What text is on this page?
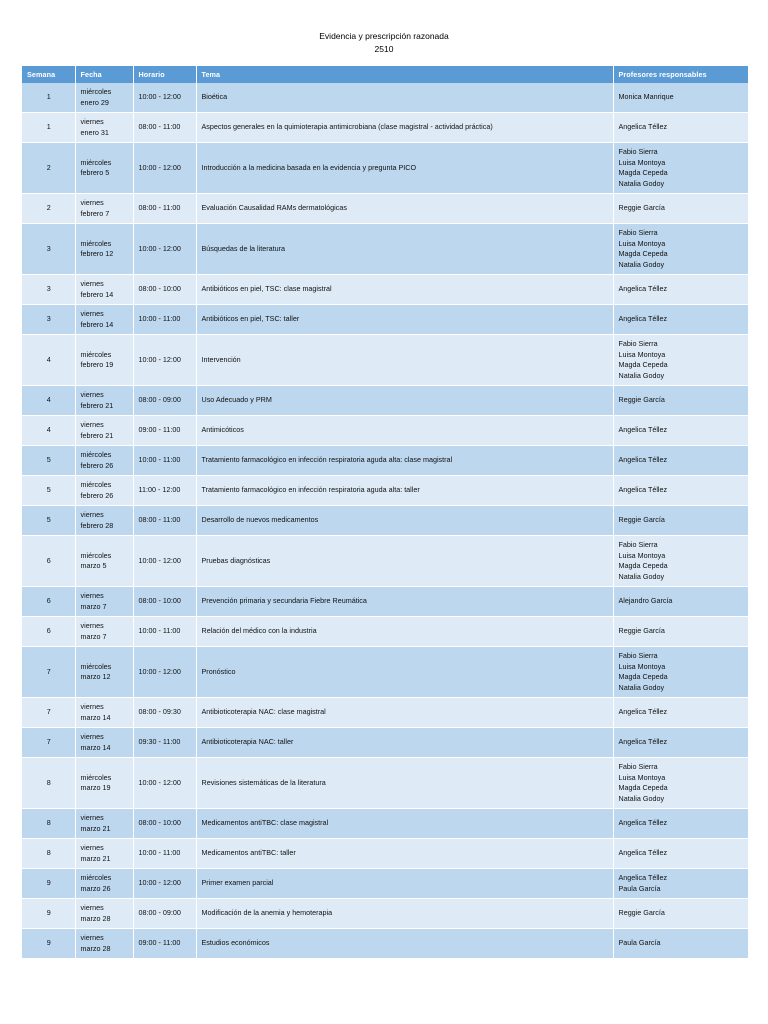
Evidencia y prescripción razonada
2510
Semana	Fecha	Horario	Tema	Profesores responsables
1	miércoles
enero 29	10:00 - 12:00	Bioética	Monica Manrique

1	viernes
enero 31	08:00 - 11:00	Aspectos generales en la quimioterapia antimicrobiana (clase magistral - actividad práctica)	Angelica Téllez

2	miércoles
febrero 5	10:00 - 12:00	Introducción a la medicina basada en la evidencia y pregunta PICO	Fabio Sierra
Luisa Montoya
Magda Cepeda
Natalia Godoy

2	viernes
febrero 7	08:00 - 11:00	Evaluación Causalidad RAMs dermatológicas	Reggie García

3	miércoles
febrero 12	10:00 - 12:00	Búsquedas de la literatura	Fabio Sierra
Luisa Montoya
Magda Cepeda
Natalia Godoy

3	viernes
febrero 14	08:00 - 10:00	Antibióticos en piel, TSC: clase magistral	Angelica Téllez

3	viernes
febrero 14	10:00 - 11:00	Antibióticos en piel, TSC: taller	Angelica Téllez

4	miércoles
febrero 19	10:00 - 12:00	Intervención	Fabio Sierra
Luisa Montoya
Magda Cepeda
Natalia Godoy

4	viernes
febrero 21	08:00 - 09:00	Uso Adecuado y PRM	Reggie García

4	viernes
febrero 21	09:00 - 11:00	Antimicóticos	Angelica Téllez

5	miércoles
febrero 26	10:00 - 11:00	Tratamiento farmacológico en infección respiratoria aguda alta: clase magistral	Angelica Téllez

5	miércoles
febrero 26	11:00 - 12:00	Tratamiento farmacológico en infección respiratoria aguda alta: taller	Angelica Téllez

5	viernes
febrero 28	08:00 - 11:00	Desarrollo de nuevos medicamentos	Reggie García

6	miércoles
marzo 5	10:00 - 12:00	Pruebas diagnósticas	Fabio Sierra
Luisa Montoya
Magda Cepeda
Natalia Godoy

6	viernes
marzo 7	08:00 - 10:00	Prevención primaria y secundaria Fiebre Reumática	Alejandro García

6	viernes
marzo 7	10:00 - 11:00	Relación del médico con la industria	Reggie García

7	miércoles
marzo 12	10:00 - 12:00	Pronóstico	Fabio Sierra
Luisa Montoya
Magda Cepeda
Natalia Godoy

7	viernes
marzo 14	08:00 - 09:30	Antibioticoterapia NAC: clase magistral	Angelica Téllez

7	viernes
marzo 14	09:30 - 11:00	Antibioticoterapia NAC: taller	Angelica Téllez

8	miércoles
marzo 19	10:00 - 12:00	Revisiones sistemáticas de la literatura	Fabio Sierra
Luisa Montoya
Magda Cepeda
Natalia Godoy

8	viernes
marzo 21	08:00 - 10:00	Medicamentos antiTBC: clase magistral	Angelica Téllez

8	viernes
marzo 21	10:00 - 11:00	Medicamentos antiTBC: taller	Angelica Téllez

9	miércoles
marzo 26	10:00 - 12:00	Primer examen parcial	Angelica Téllez
Paula García

9	viernes
marzo 28	08:00 - 09:00	Modificación de la anemia y hemoterapia	Reggie García

9	viernes
marzo 28	09:00 - 11:00	Estudios económicos	Paula García
